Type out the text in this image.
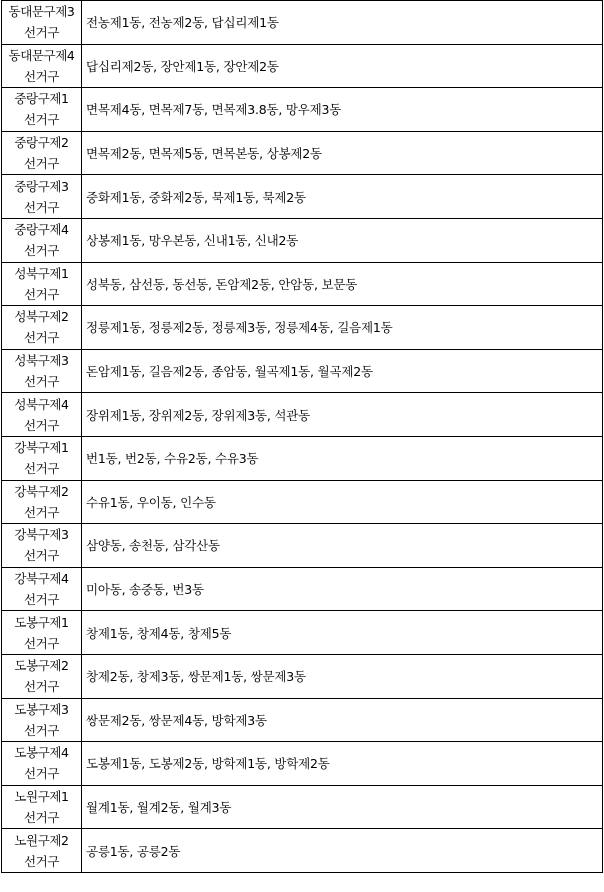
동대문구제3
선거구	전농제1동, 전농제2동, 답십리제1동

동대문구제4
선거구	답십리제2동, 장안제1동, 장안제2동

중랑구제1
선거구	면목제4동, 면목제7동, 면목제3.8동, 망우제3동

중랑구제2
선거구	면목제2동, 면목제5동, 면목본동, 상봉제2동

중랑구제3
선거구	중화제1동, 중화제2동, 묵제1동, 묵제2동

중랑구제4
선거구	상봉제1동, 망우본동, 신내1동, 신내2동

성북구제1
선거구	성북동, 삼선동, 동선동, 돈암제2동, 안암동, 보문동

성북구제2
선거구	정릉제1동, 정릉제2동, 정릉제3동, 정릉제4동, 길음제1동

성북구제3
선거구	돈암제1동, 길음제2동, 종암동, 월곡제1동, 월곡제2동

성북구제4
선거구	장위제1동, 장위제2동, 장위제3동, 석관동

강북구제1
선거구	번1동, 번2동, 수유2동, 수유3동

강북구제2
선거구	수유1동, 우이동, 인수동

강북구제3
선거구	삼양동, 송천동, 삼각산동

강북구제4
선거구	미아동, 송중동, 번3동

도봉구제1
선거구	창제1동, 창제4동, 창제5동

도봉구제2
선거구	창제2동, 창제3동, 쌍문제1동, 쌍문제3동

도봉구제3
선거구	쌍문제2동, 쌍문제4동, 방학제3동

도봉구제4
선거구	도봉제1동, 도봉제2동, 방학제1동, 방학제2동

노원구제1
선거구	월계1동, 월계2동, 월계3동

노원구제2
선거구	공릉1동, 공릉2동
